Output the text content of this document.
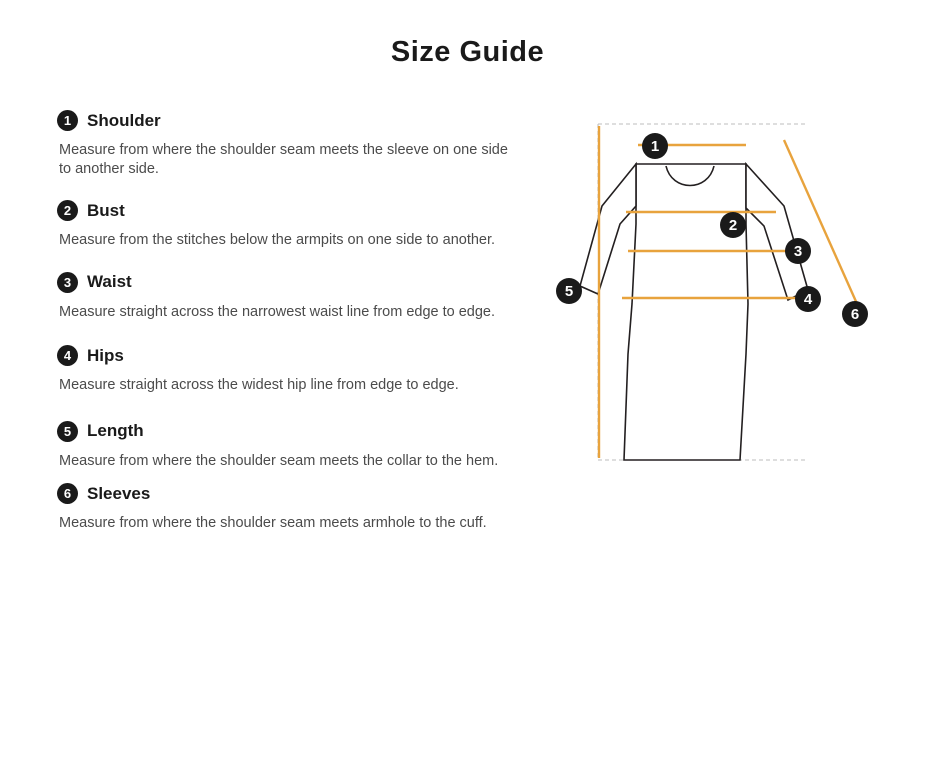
Size Guide
1 Shoulder
Measure from where the shoulder seam meets the sleeve on one side to another side.
2 Bust
Measure from the stitches below the armpits on one side to another.
3 Waist
Measure straight across the narrowest waist line from edge to edge.
4 Hips
Measure straight across the widest hip line from edge to edge.
5 Length
Measure from where the shoulder seam meets the collar to the hem.
6 Sleeves
Measure from where the shoulder seam meets armhole to the cuff.
1
2
3
4
5
6
